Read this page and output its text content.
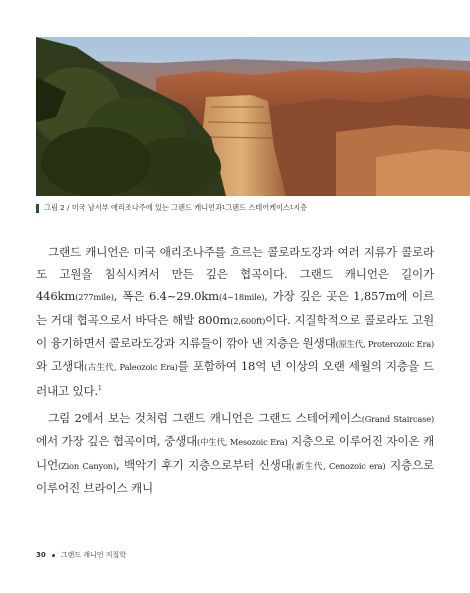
그림 2 / 미국 남서부 애리조나주에 있는 그랜드 캐니언과 1 그랜드 스테어케이스 1 지층

그랜드 캐니언은 미국 애리조나주를 흐르는 콜로라도강과 여러 지류가 콜로라도 고원을 침식시켜서 만든 깊은 협곡이다. 그랜드 캐니언은 길이가 446km(277mile), 폭은 6.4~29.0km(4~18mile), 가장 깊은 곳은 1,857m에 이르는 거대 협곡으로서 바닥은 해발 800m(2,600ft)이다. 지질학적으로 콜로라도 고원이 융기하면서 콜로라도강과 지류들이 깎아 낸 지층은 원생대(原生代, Proterozoic Era)와 고생대(古生代, Paleozoic Era)를 포함하여 18억 년 이상의 오랜 세월의 지층을 드러내고 있다.$^1$

그림 2에서 보는 것처럼 그랜드 캐니언은 그랜드 스테어케이스(Grand Staircase)에서 가장 깊은 협곡이며, 중생대(中生代, Mesozoic Era) 지층으로 이루어진 자이온 캐니언(Zion Canyon), 백악기 후기 지층으로부터 신생대(新生代, Cenozoic era) 지층으로 이루어진 브라이스 캐니

30 그랜드 캐니언 지질학
